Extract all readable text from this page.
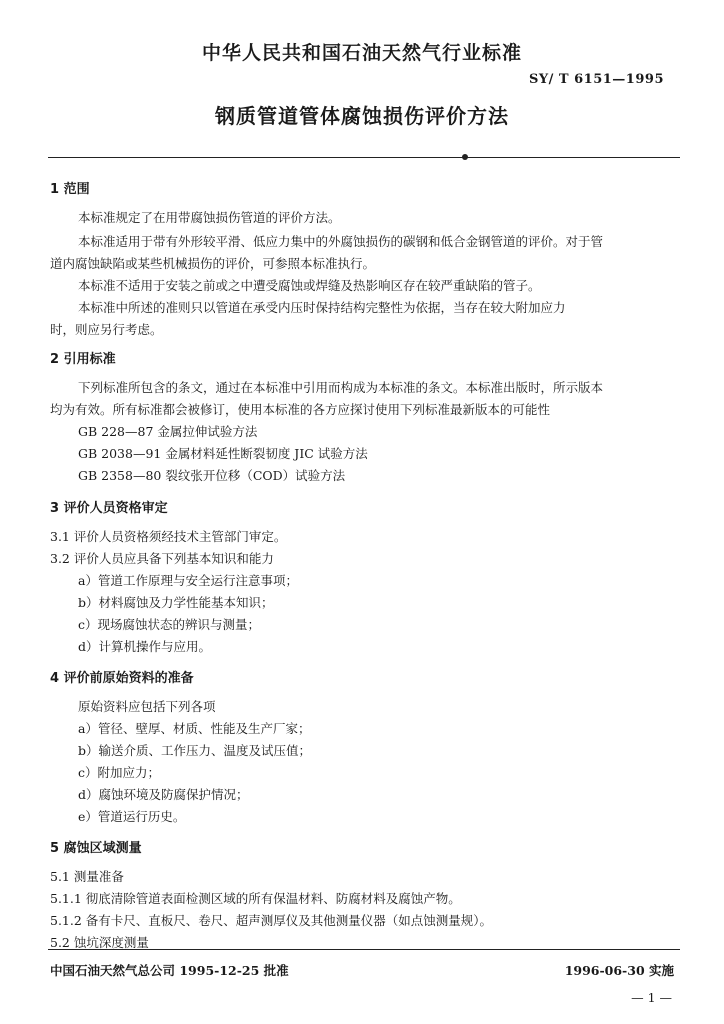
中华人民共和国石油天然气行业标准
SY/ T 6151—1995
钢质管道管体腐蚀损伤评价方法
1 范围
本标准规定了在用带腐蚀损伤管道的评价方法。
本标准适用于带有外形较平滑、低应力集中的外腐蚀损伤的碳钢和低合金钢管道的评价。对于管
道内腐蚀缺陷或某些机械损伤的评价，可参照本标准执行。
本标准不适用于安装之前或之中遭受腐蚀或焊缝及热影响区存在较严重缺陷的管子。
本标准中所述的准则只以管道在承受内压时保持结构完整性为依据，当存在较大附加应力
时，则应另行考虑。
2 引用标准
下列标准所包含的条文，通过在本标准中引用而构成为本标准的条文。本标准出版时，所示版本
均为有效。所有标准都会被修订，使用本标准的各方应探讨使用下列标准最新版本的可能性
GB 228—87 金属拉伸试验方法
GB 2038—91 金属材料延性断裂韧度 JIC 试验方法
GB 2358—80 裂纹张开位移（COD）试验方法
3 评价人员资格审定
3.1 评价人员资格须经技术主管部门审定。
3.2 评价人员应具备下列基本知识和能力
a）管道工作原理与安全运行注意事项；
b）材料腐蚀及力学性能基本知识；
c）现场腐蚀状态的辨识与测量；
d）计算机操作与应用。
4 评价前原始资料的准备
原始资料应包括下列各项
a）管径、壁厚、材质、性能及生产厂家；
b）输送介质、工作压力、温度及试压值；
c）附加应力；
d）腐蚀环境及防腐保护情况；
e）管道运行历史。
5 腐蚀区域测量
5.1 测量准备
5.1.1 彻底清除管道表面检测区域的所有保温材料、防腐材料及腐蚀产物。
5.1.2 备有卡尺、直板尺、卷尺、超声测厚仪及其他测量仪器（如点蚀测量规）。
5.2 蚀坑深度测量
中国石油天然气总公司 1995-12-25 批准	1996-06-30 实施
— 1 —
